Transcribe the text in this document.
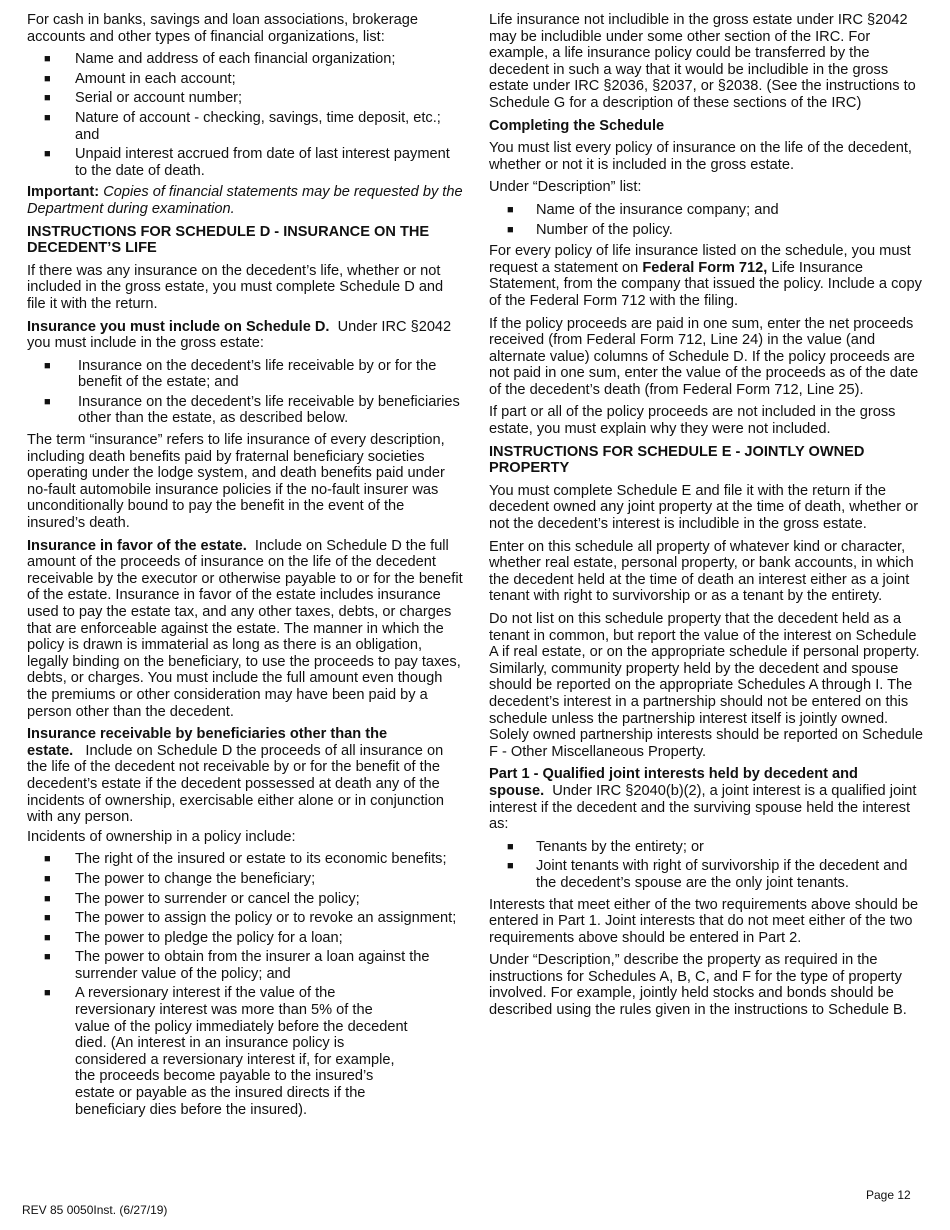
For cash in banks, savings and loan associations, brokerage accounts and other types of financial organizations, list:

■ Name and address of each financial organization;
■ Amount in each account;
■ Serial or account number;
■ Nature of account - checking, savings, time deposit, etc.; and
■ Unpaid interest accrued from date of last interest payment to the date of death.

Important: Copies of financial statements may be requested by the Department during examination.

INSTRUCTIONS FOR SCHEDULE D - INSURANCE ON THE DECEDENT’S LIFE

If there was any insurance on the decedent’s life, whether or not included in the gross estate, you must complete Schedule D and file it with the return.

Insurance you must include on Schedule D. Under IRC §2042 you must include in the gross estate:

■ Insurance on the decedent’s life receivable by or for the benefit of the estate; and
■ Insurance on the decedent’s life receivable by beneficiaries other than the estate, as described below.

The term “insurance” refers to life insurance of every description, including death benefits paid by fraternal beneficiary societies operating under the lodge system, and death benefits paid under no-fault automobile insurance policies if the no-fault insurer was unconditionally bound to pay the benefit in the event of the insured’s death.

Insurance in favor of the estate. Include on Schedule D the full amount of the proceeds of insurance on the life of the decedent receivable by the executor or otherwise payable to or for the benefit of the estate. Insurance in favor of the estate includes insurance used to pay the estate tax, and any other taxes, debts, or charges that are enforceable against the estate. The manner in which the policy is drawn is immaterial as long as there is an obligation, legally binding on the beneficiary, to use the proceeds to pay taxes, debts, or charges. You must include the full amount even though the premiums or other consideration may have been paid by a person other than the decedent.

Insurance receivable by beneficiaries other than the estate. Include on Schedule D the proceeds of all insurance on the life of the decedent not receivable by or for the benefit of the decedent’s estate if the decedent possessed at death any of the incidents of ownership, exercisable either alone or in conjunction with any person.

Incidents of ownership in a policy include:

■ The right of the insured or estate to its economic benefits;
■ The power to change the beneficiary;
■ The power to surrender or cancel the policy;
■ The power to assign the policy or to revoke an assignment;
■ The power to pledge the policy for a loan;
■ The power to obtain from the insurer a loan against the surrender value of the policy; and
■ A reversionary interest if the value of the reversionary interest was more than 5% of the value of the policy immediately before the decedent died. (An interest in an insurance policy is considered a reversionary interest if, for example, the proceeds become payable to the insured’s estate or payable as the insured directs if the beneficiary dies before the insured).

Life insurance not includible in the gross estate under IRC §2042 may be includible under some other section of the IRC. For example, a life insurance policy could be transferred by the decedent in such a way that it would be includible in the gross estate under IRC §2036, §2037, or §2038. (See the instructions to Schedule G for a description of these sections of the IRC)

Completing the Schedule

You must list every policy of insurance on the life of the decedent, whether or not it is included in the gross estate.

Under “Description” list:

■ Name of the insurance company; and
■ Number of the policy.

For every policy of life insurance listed on the schedule, you must request a statement on Federal Form 712, Life Insurance Statement, from the company that issued the policy. Include a copy of the Federal Form 712 with the filing.

If the policy proceeds are paid in one sum, enter the net proceeds received (from Federal Form 712, Line 24) in the value (and alternate value) columns of Schedule D. If the policy proceeds are not paid in one sum, enter the value of the proceeds as of the date of the decedent’s death (from Federal Form 712, Line 25).

If part or all of the policy proceeds are not included in the gross estate, you must explain why they were not included.

INSTRUCTIONS FOR SCHEDULE E - JOINTLY OWNED PROPERTY

You must complete Schedule E and file it with the return if the decedent owned any joint property at the time of death, whether or not the decedent’s interest is includible in the gross estate.

Enter on this schedule all property of whatever kind or character, whether real estate, personal property, or bank accounts, in which the decedent held at the time of death an interest either as a joint tenant with right to survivorship or as a tenant by the entirety.

Do not list on this schedule property that the decedent held as a tenant in common, but report the value of the interest on Schedule A if real estate, or on the appropriate schedule if personal property. Similarly, community property held by the decedent and spouse should be reported on the appropriate Schedules A through I. The decedent’s interest in a partnership should not be entered on this schedule unless the partnership interest itself is jointly owned. Solely owned partnership interests should be reported on Schedule F - Other Miscellaneous Property.

Part 1 - Qualified joint interests held by decedent and spouse. Under IRC §2040(b)(2), a joint interest is a qualified joint interest if the decedent and the surviving spouse held the interest as:

■ Tenants by the entirety; or
■ Joint tenants with right of survivorship if the decedent and the decedent’s spouse are the only joint tenants.

Interests that meet either of the two requirements above should be entered in Part 1. Joint interests that do not meet either of the two requirements above should be entered in Part 2.

Under “Description,” describe the property as required in the instructions for Schedules A, B, C, and F for the type of property involved. For example, jointly held stocks and bonds should be described using the rules given in the instructions to Schedule B.

REV 85 0050Inst. (6/27/19)
Page 12
